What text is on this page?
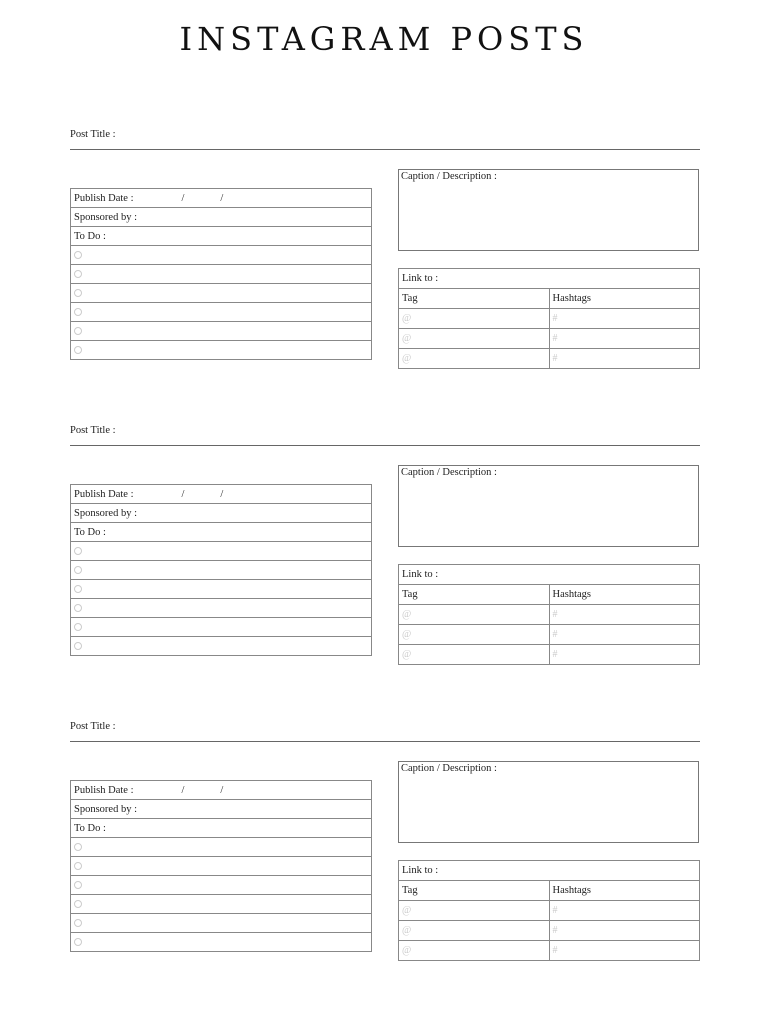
INSTAGRAM POSTS
Post Title :
Caption / Description :
Publish Date :	/	/
Sponsored by :
To Do :

Link to :	
Tag	Hashtags
@	#
@	#
@	#
Post Title :
Caption / Description :
Publish Date :	/	/
Sponsored by :
To Do :

Link to :	
Tag	Hashtags
@	#
@	#
@	#
Post Title :
Caption / Description :
Publish Date :	/	/
Sponsored by :
To Do :

Link to :	
Tag	Hashtags
@	#
@	#
@	#
